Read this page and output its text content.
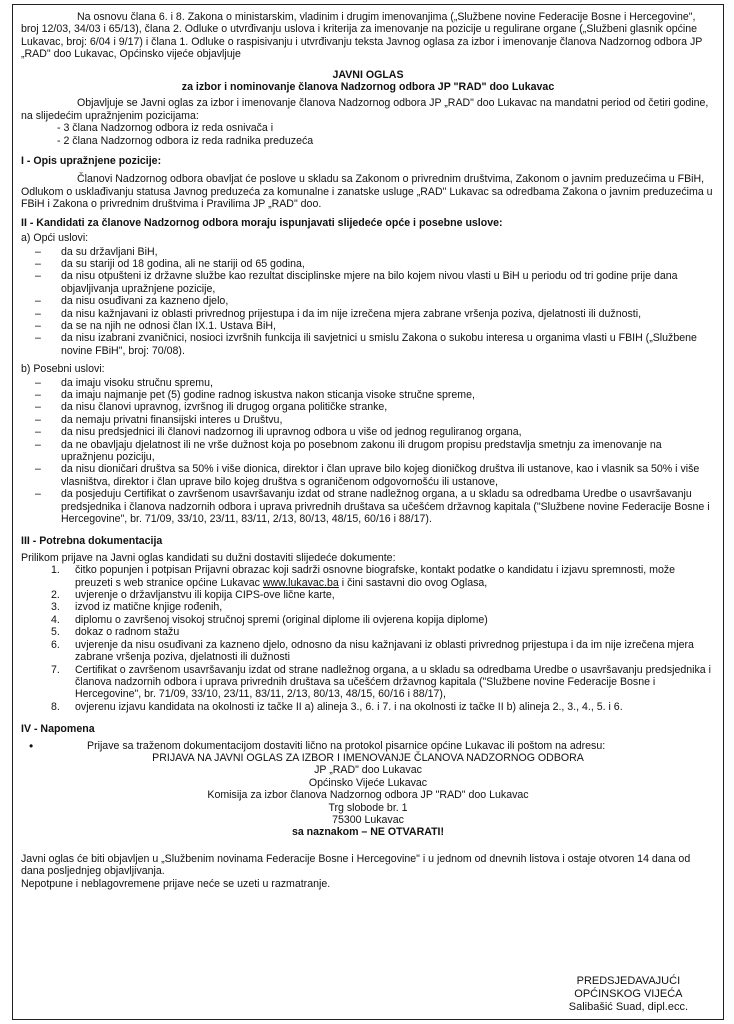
Na osnovu člana 6. i 8. Zakona o ministarskim, vladinim i drugim imenovanjima („Službene novine Federacije Bosne i Hercegovine", broj 12/03, 34/03 i 65/13), člana 2. Odluke o utvrđivanju uslova i kriterija za imenovanje na pozicije u regulirane organe („Službeni glasnik općine Lukavac, broj: 6/04 i 9/17) i člana 1. Odluke o raspisivanju i utvrđivanju teksta Javnog oglasa za izbor i imenovanje članova Nadzornog odbora JP „RAD" doo Lukavac, Općinsko vijeće objavljuje

JAVNI OGLAS

za izbor i nominovanje članova Nadzornog odbora JP "RAD" doo Lukavac

Objavljuje se Javni oglas za izbor i imenovanje članova Nadzornog odbora JP „RAD" doo Lukavac na mandatni period od četiri godine, na slijedećim upražnjenim pozicijama:

- 3 člana Nadzornog odbora iz reda osnivača i

- 2 člana Nadzornog odbora iz reda radnika preduzeća

I - Opis upražnjene pozicije:

Članovi Nadzornog odbora obavljat će poslove u skladu sa Zakonom o privrednim društvima, Zakonom o javnim preduzećima u FBiH, Odlukom o usklađivanju statusa Javnog preduzeća za komunalne i zanatske usluge „RAD" Lukavac sa odredbama Zakona o javnim preduzećima u FBiH i Zakona o privrednim društvima i Pravilima JP „RAD" doo.

II - Kandidati za članove Nadzornog odbora moraju ispunjavati slijedeće opće i posebne uslove:

a) Opći uslovi:

– da su državljani BiH,
– da su stariji od 18 godina, ali ne stariji od 65 godina,
– da nisu otpušteni iz državne službe kao rezultat disciplinske mjere na bilo kojem nivou vlasti u BiH u periodu od tri godine prije dana objavljivanja upražnjene pozicije,
– da nisu osuđivani za kazneno djelo,
– da nisu kažnjavani iz oblasti privrednog prijestupa i da im nije izrečena mjera zabrane vršenja poziva, djelatnosti ili dužnosti,
– da se na njih ne odnosi član IX.1. Ustava BiH,
– da nisu izabrani zvaničnici, nosioci izvršnih funkcija ili savjetnici u smislu Zakona o sukobu interesa u organima vlasti u FBIH („Službene novine FBiH", broj: 70/08).

b) Posebni uslovi:

– da imaju visoku stručnu spremu,
– da imaju najmanje pet (5) godine radnog iskustva nakon sticanja visoke stručne spreme,
– da nisu članovi upravnog, izvršnog ili drugog organa političke stranke,
– da nemaju privatni finansijski interes u Društvu,
– da nisu predsjednici ili članovi nadzornog ili upravnog odbora u više od jednog reguliranog organa,
– da ne obavljaju djelatnost ili ne vrše dužnost koja po posebnom zakonu ili drugom propisu predstavlja smetnju za imenovanje na upražnjenu poziciju,
– da nisu dioničari društva sa 50% i više dionica, direktor i član uprave bilo kojeg dioničkog društva ili ustanove, kao i vlasnik sa 50% i više vlasništva, direktor i član uprave bilo kojeg društva s ograničenom odgovornošću ili ustanove,
– da posjeduju Certifikat o završenom usavršavanju izdat od strane nadležnog organa, a u skladu sa odredbama Uredbe o usavršavanju predsjednika i članova nadzornih odbora i uprava privrednih društava sa učešćem državnog kapitala ("Službene novine Federacije Bosne i Hercegovine", br. 71/09, 33/10, 23/11, 83/11, 2/13, 80/13, 48/15, 60/16 i 88/17).

III - Potrebna dokumentacija

Prilikom prijave na Javni oglas kandidati su dužni dostaviti slijedeće dokumente:

1. čitko popunjen i potpisan Prijavni obrazac koji sadrži osnovne biografske, kontakt podatke o kandidatu i izjavu spremnosti, može preuzeti s web stranice općine Lukavac www.lukavac.ba i čini sastavni dio ovog Oglasa,
2. uvjerenje o državljanstvu ili kopija CIPS-ove lične karte,
3. izvod iz matične knjige rođenih,
4. diplomu o završenoj visokoj stručnoj spremi (original diplome ili ovjerena kopija diplome)
5. dokaz o radnom stažu
6. uvjerenje da nisu osuđivani za kazneno djelo, odnosno da nisu kažnjavani iz oblasti privrednog prijestupa i da im nije izrečena mjera zabrane vršenja poziva, djelatnosti ili dužnosti
7. Certifikat o završenom usavršavanju izdat od strane nadležnog organa, a u skladu sa odredbama Uredbe o usavršavanju predsjednika i članova nadzornih odbora i uprava privrednih društava sa učešćem državnog kapitala ("Službene novine Federacije Bosne i Hercegovine", br. 71/09, 33/10, 23/11, 83/11, 2/13, 80/13, 48/15, 60/16 i 88/17),
8. ovjerenu izjavu kandidata na okolnosti iz tačke II a) alineja 3., 6. i 7. i na okolnosti iz tačke II b) alineja 2., 3., 4., 5. i 6.

IV - Napomena

•	Prijave sa traženom dokumentacijom dostaviti lično na protokol pisarnice općine Lukavac ili poštom na adresu:

PRIJAVA NA JAVNI OGLAS ZA IZBOR I IMENOVANJE ČLANOVA NADZORNOG ODBORA

JP „RAD" doo Lukavac

Općinsko Vijeće Lukavac

Komisija za izbor članova Nadzornog odbora JP "RAD" doo Lukavac

Trg slobode br. 1

75300 Lukavac

sa naznakom – NE OTVARATI!

Javni oglas će biti objavljen u „Službenim novinama Federacije Bosne i Hercegovine" i u jednom od dnevnih listova i ostaje otvoren 14 dana od dana posljednjeg objavljivanja.

Nepotpune i neblagovremene prijave neće se uzeti u razmatranje.

PREDSJEDAVAJUĆI
OPĆINSKOG VIJEĆA
Salibašić Suad, dipl.ecc.
